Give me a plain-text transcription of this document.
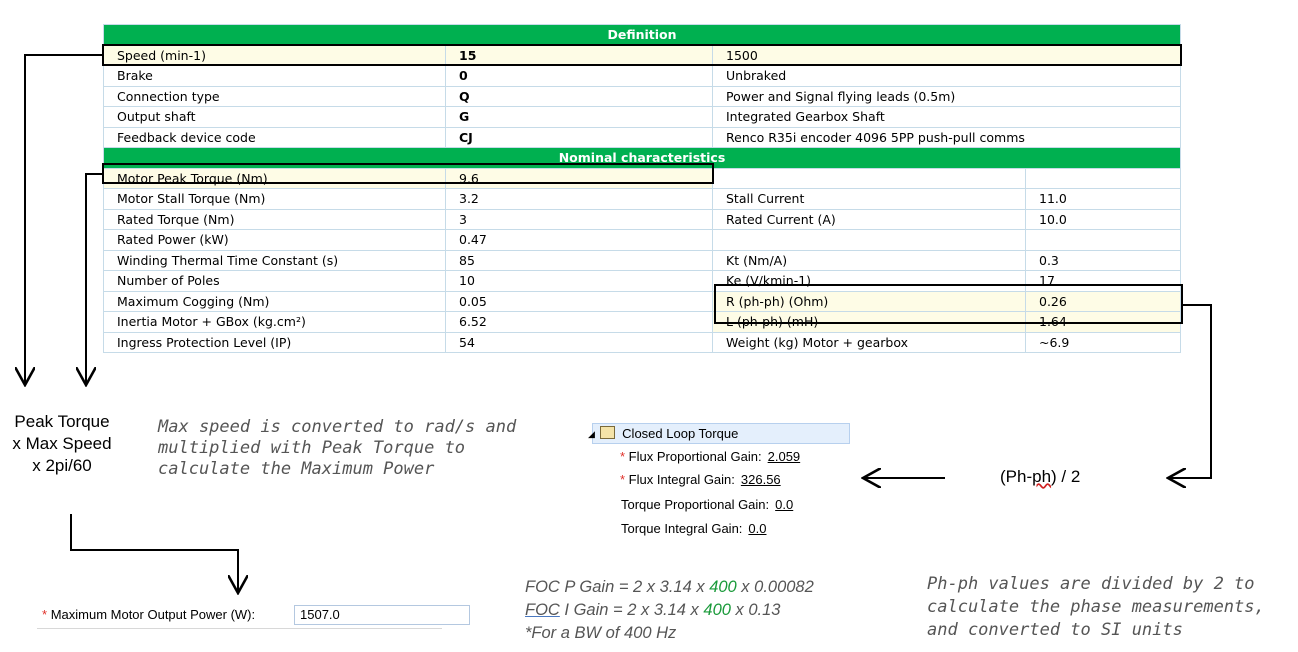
Definition			
Speed (min-1)	15	1500	
Brake	0	Unbraked	
Connection type	Q	Power and Signal flying leads (0.5m)	
Output shaft	G	Integrated Gearbox Shaft	
Feedback device code	CJ	Renco R35i encoder 4096 5PP push-pull comms	
Nominal characteristics			
Motor Peak Torque (Nm)	9.6		
Motor Stall Torque (Nm)	3.2	Stall Current	11.0
Rated Torque (Nm)	3	Rated Current (A)	10.0
Rated Power (kW)	0.47		
Winding Thermal Time Constant (s)	85	Kt (Nm/A)	0.3
Number of Poles	10	Ke (V/kmin-1)	17
Maximum Cogging (Nm)	0.05	R (ph-ph) (Ohm)	0.26
Inertia Motor + GBox (kg.cm²)	6.52	L (ph-ph) (mH)	1.64
Ingress Protection Level (IP)	54	Weight (kg) Motor + gearbox	~6.9
Peak Torque
x Max Speed
x 2pi/60
Max speed is converted to rad/s and
multiplied with Peak Torque to
calculate the Maximum Power
◢ Closed Loop Torque
* Flux Proportional Gain: 2.059
* Flux Integral Gain: 326.56
Torque Proportional Gain: 0.0
Torque Integral Gain: 0.0
(Ph-ph) / 2
* Maximum Motor Output Power (W):	1507.0
FOC P Gain = 2 x 3.14 x 400 x 0.00082
FOC I Gain = 2 x 3.14 x 400 x 0.13
*For a BW of 400 Hz
Ph-ph values are divided by 2 to
calculate the phase measurements,
and converted to SI units
